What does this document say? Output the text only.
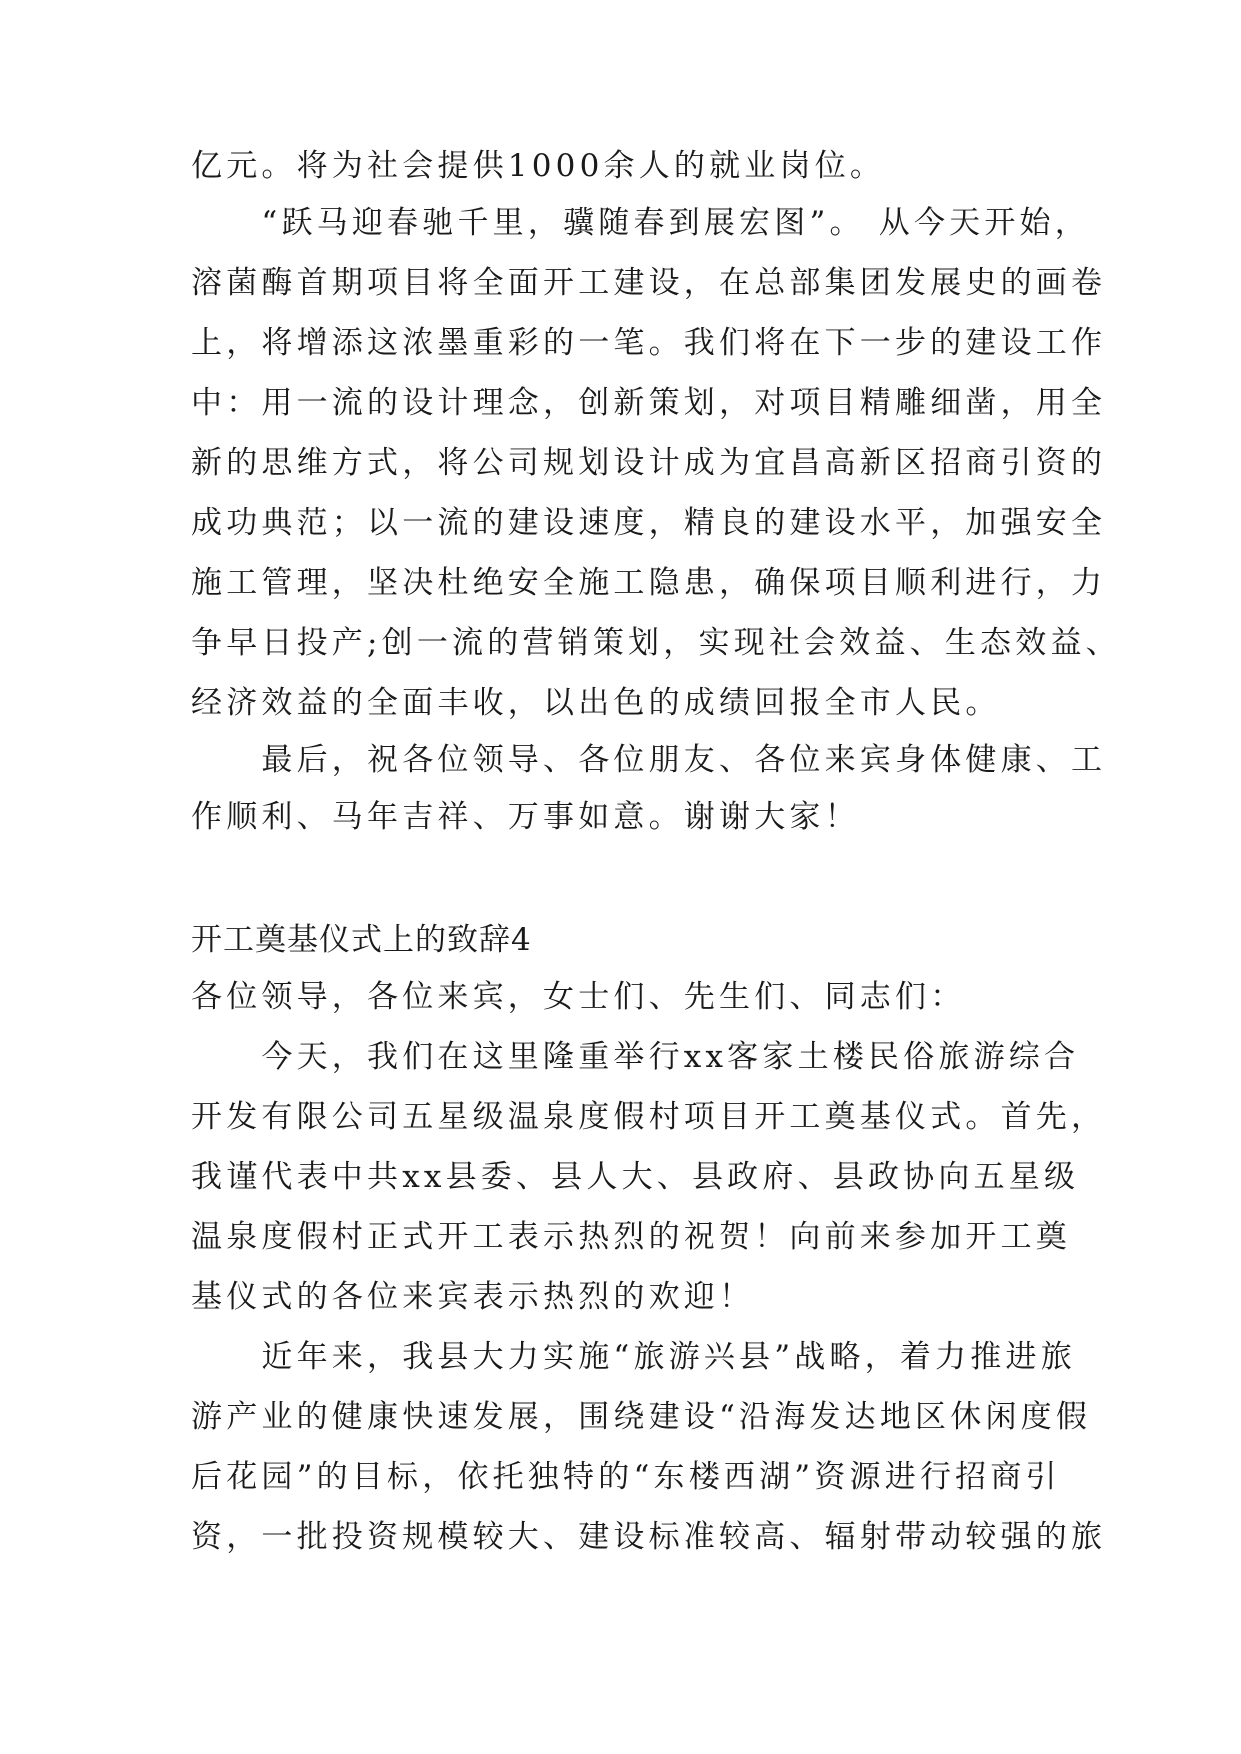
亿元。将为社会提供1000余人的就业岗位。
　　“跃马迎春驰千里，骥随春到展宏图”。 从今天开始，
溶菌酶首期项目将全面开工建设，在总部集团发展史的画卷
上，将增添这浓墨重彩的一笔。我们将在下一步的建设工作
中：用一流的设计理念，创新策划，对项目精雕细凿，用全
新的思维方式，将公司规划设计成为宜昌高新区招商引资的
成功典范；以一流的建设速度，精良的建设水平，加强安全
施工管理，坚决杜绝安全施工隐患，确保项目顺利进行，力
争早日投产;创一流的营销策划，实现社会效益、生态效益、
经济效益的全面丰收，以出色的成绩回报全市人民。
　　最后，祝各位领导、各位朋友、各位来宾身体健康、工
作顺利、马年吉祥、万事如意。谢谢大家！
开工奠基仪式上的致辞4
各位领导，各位来宾，女士们、先生们、同志们：
　　今天，我们在这里隆重举行xx客家土楼民俗旅游综合
开发有限公司五星级温泉度假村项目开工奠基仪式。首先，
我谨代表中共xx县委、县人大、县政府、县政协向五星级
温泉度假村正式开工表示热烈的祝贺！向前来参加开工奠
基仪式的各位来宾表示热烈的欢迎！
　　近年来，我县大力实施“旅游兴县”战略，着力推进旅
游产业的健康快速发展，围绕建设“沿海发达地区休闲度假
后花园”的目标，依托独特的“东楼西湖”资源进行招商引
资，一批投资规模较大、建设标准较高、辐射带动较强的旅
